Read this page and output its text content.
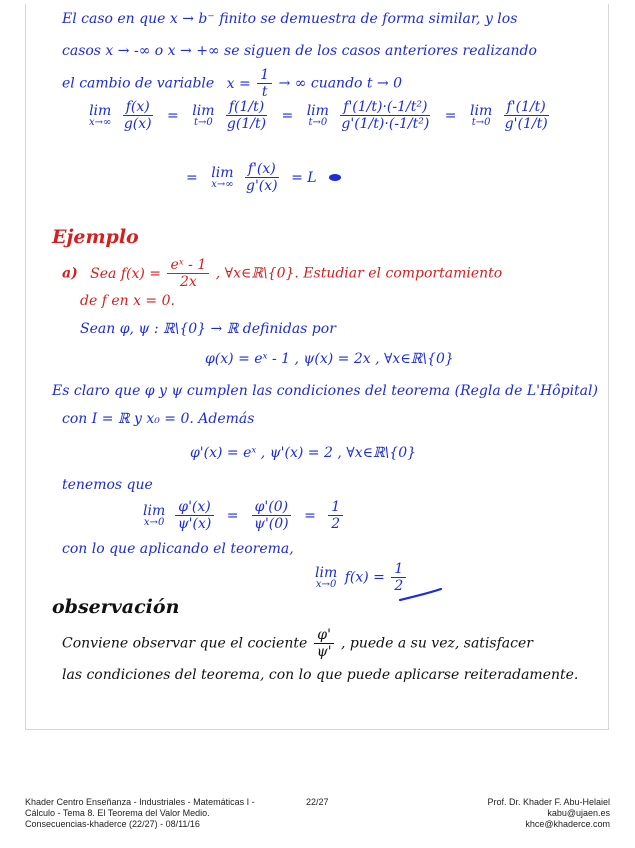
El caso en que x → b⁻ finito se demuestra de forma similar, y los
casos x → -∞ o x → +∞ se siguen de los casos anteriores realizando
el cambio de variable $x = \frac{1}{t}$ → ∞ cuando t → 0
lim
x→∞
$\frac{f(x)}{g(x)} = \lim$
t→0
$\frac{f(1/t)}{g(1/t)} = \lim$
t→0
$\frac{\text{f'(1/t)·(-1/t²)}}{\text{g'(1/t)·(-1/t²)}} = \lim$
t→0
$\frac{f'(1/t)}{g'(1/t)}$
= lim
x→∞
$\frac{f'(x)}{g'(x)} = L$
Ejemplo
a) Sea $f(x) = \frac{\text{eˣ - 1}}{2x}$ , ∀x∈ℝ\{0}. Estudiar el comportamiento
de f en x = 0.
Sean φ, ψ : ℝ\{0} → ℝ definidas por
φ(x) = eˣ - 1 , ψ(x) = 2x , ∀x∈ℝ\{0}
Es claro que φ y ψ cumplen las condiciones del teorema (Regla de L'Hôpital)
con I = ℝ y x₀ = 0. Además
φ'(x) = eˣ , ψ'(x) = 2 , ∀x∈ℝ\{0}
tenemos que
lim
x→0
$\frac{\varphi'(x)}{\psi'(x)} = \frac{\varphi'(0)}{\psi'(0)} = \frac{1}{2}$
con lo que aplicando el teorema,
lim
x→0 $f(x) = \frac{1}{2}$
observación
Conviene observar que el cociente $\frac{\varphi'}{\psi'}$ , puede a su vez, satisfacer
las condiciones del teorema, con lo que puede aplicarse reiteradamente.
Khader Centro Enseñanza - Industriales - Matemáticas I - Cálculo - Tema 8. El Teorema del Valor Medio. Consecuencias-khaderce (22/27) - 08/11/16
22/27	Prof. Dr. Khader F. Abu-Helaiel
kabu@ujaen.es
khce@khaderce.com
